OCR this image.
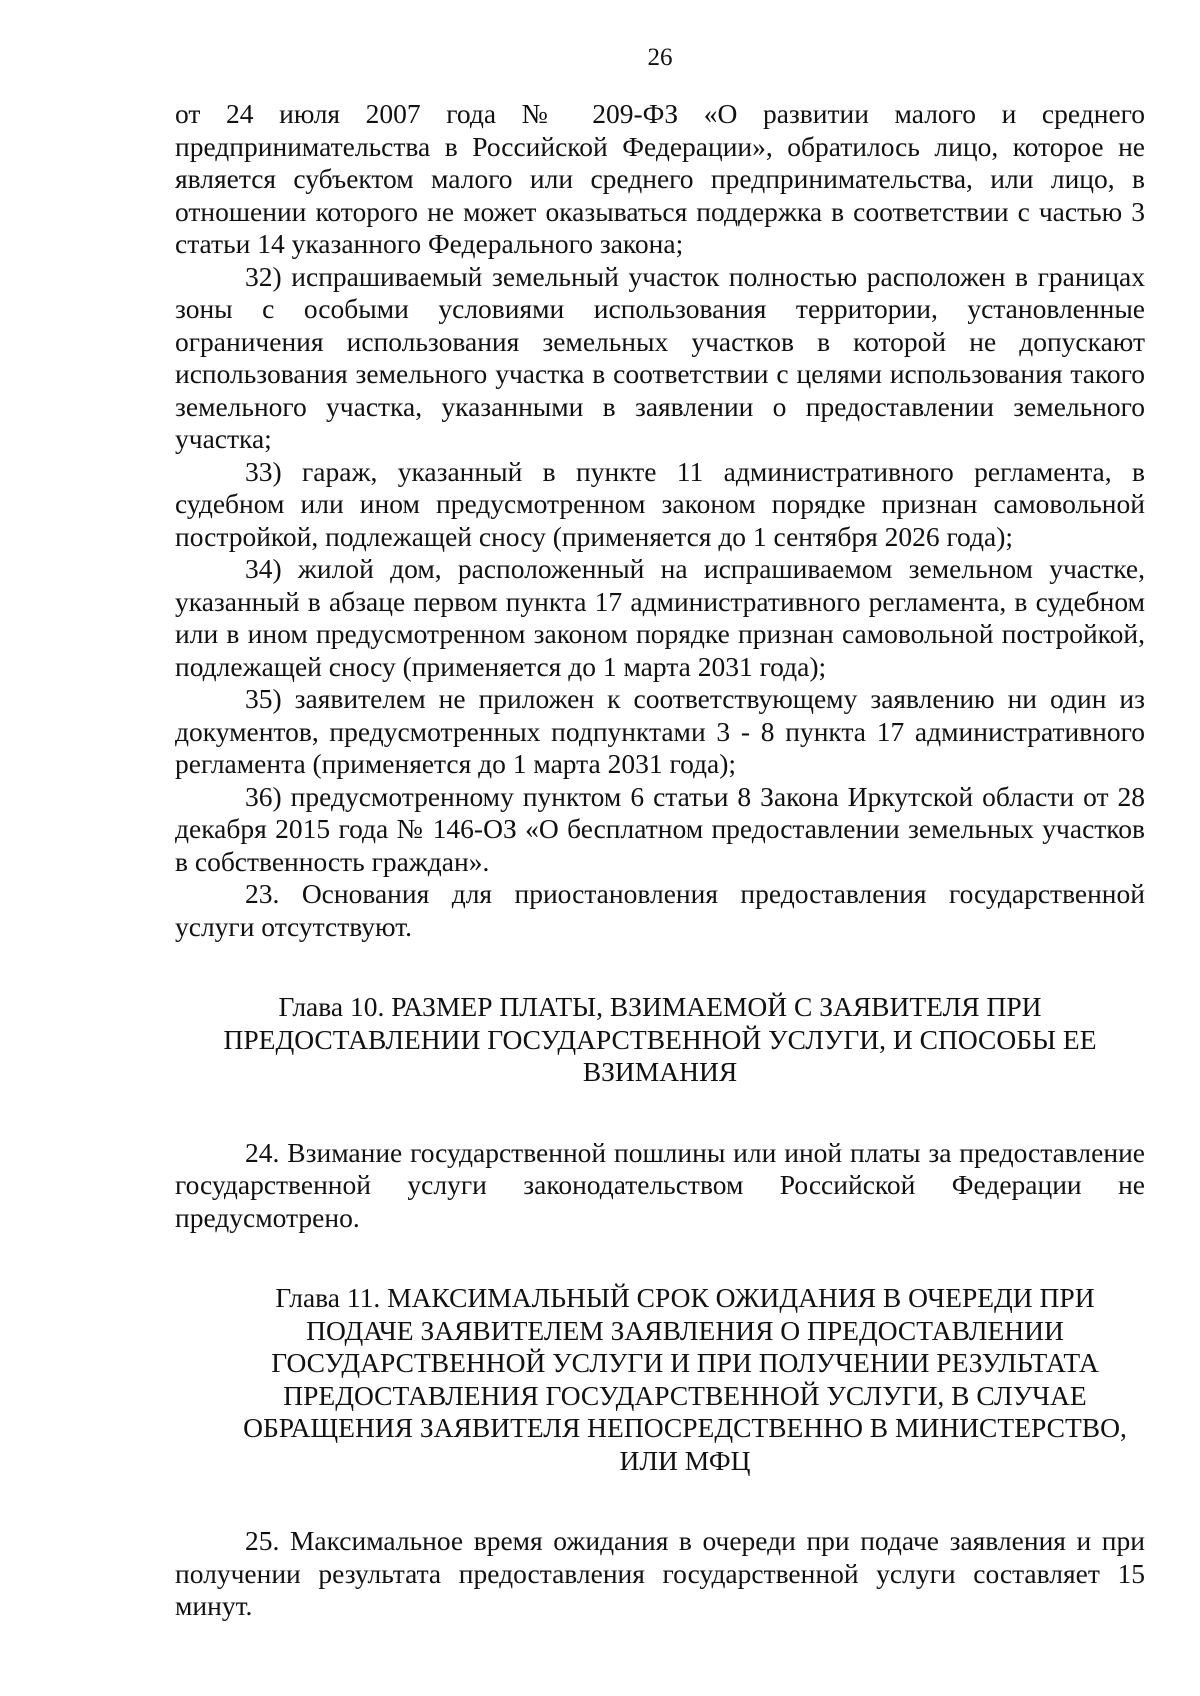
26

от 24 июля 2007 года № 209-ФЗ «О развитии малого и среднего предпринимательства в Российской Федерации», обратилось лицо, которое не является субъектом малого или среднего предпринимательства, или лицо, в отношении которого не может оказываться поддержка в соответствии с частью 3 статьи 14 указанного Федерального закона;

32) испрашиваемый земельный участок полностью расположен в границах зоны с особыми условиями использования территории, установленные ограничения использования земельных участков в которой не допускают использования земельного участка в соответствии с целями использования такого земельного участка, указанными в заявлении о предоставлении земельного участка;

33) гараж, указанный в пункте 11 административного регламента, в судебном или ином предусмотренном законом порядке признан самовольной постройкой, подлежащей сносу (применяется до 1 сентября 2026 года);

34) жилой дом, расположенный на испрашиваемом земельном участке, указанный в абзаце первом пункта 17 административного регламента, в судебном или в ином предусмотренном законом порядке признан самовольной постройкой, подлежащей сносу (применяется до 1 марта 2031 года);

35) заявителем не приложен к соответствующему заявлению ни один из документов, предусмотренных подпунктами 3 - 8 пункта 17 административного регламента (применяется до 1 марта 2031 года);

36) предусмотренному пунктом 6 статьи 8 Закона Иркутской области от 28 декабря 2015 года № 146-ОЗ «О бесплатном предоставлении земельных участков в собственность граждан».

23. Основания для приостановления предоставления государственной услуги отсутствуют.

Глава 10. РАЗМЕР ПЛАТЫ, ВЗИМАЕМОЙ С ЗАЯВИТЕЛЯ ПРИ
ПРЕДОСТАВЛЕНИИ ГОСУДАРСТВЕННОЙ УСЛУГИ, И СПОСОБЫ ЕЕ
ВЗИМАНИЯ

24. Взимание государственной пошлины или иной платы за предоставление государственной услуги законодательством Российской Федерации не предусмотрено.

Глава 11. МАКСИМАЛЬНЫЙ СРОК ОЖИДАНИЯ В ОЧЕРЕДИ ПРИ
ПОДАЧЕ ЗАЯВИТЕЛЕМ ЗАЯВЛЕНИЯ О ПРЕДОСТАВЛЕНИИ
ГОСУДАРСТВЕННОЙ УСЛУГИ И ПРИ ПОЛУЧЕНИИ РЕЗУЛЬТАТА
ПРЕДОСТАВЛЕНИЯ ГОСУДАРСТВЕННОЙ УСЛУГИ, В СЛУЧАЕ
ОБРАЩЕНИЯ ЗАЯВИТЕЛЯ НЕПОСРЕДСТВЕННО В МИНИСТЕРСТВО,
ИЛИ МФЦ

25. Максимальное время ожидания в очереди при подаче заявления и при получении результата предоставления государственной услуги составляет 15 минут.
